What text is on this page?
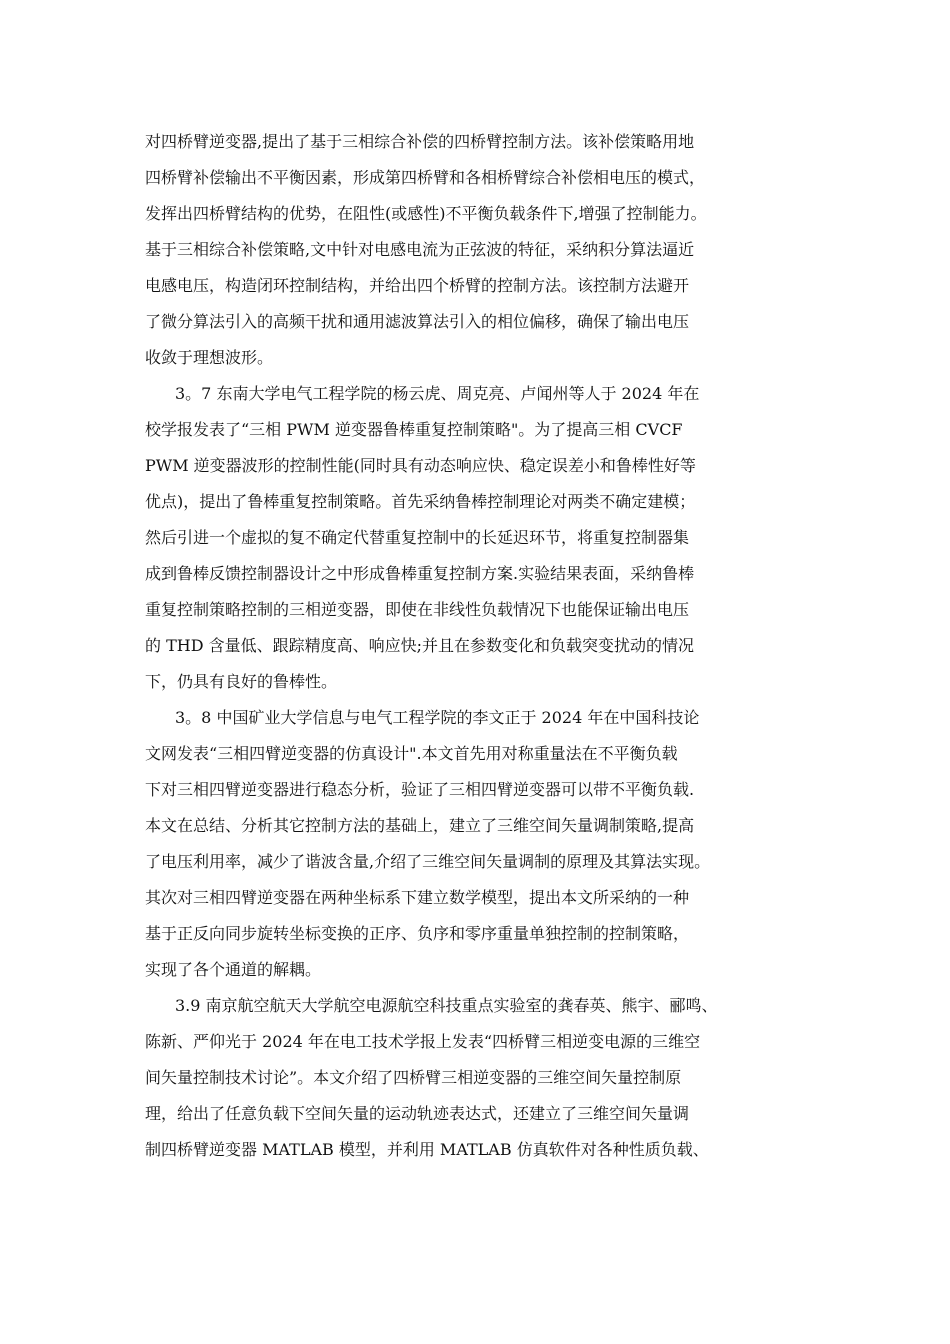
对四桥臂逆变器,提出了基于三相综合补偿的四桥臂控制方法。该补偿策略用地
四桥臂补偿输出不平衡因素，形成第四桥臂和各相桥臂综合补偿相电压的模式，
发挥出四桥臂结构的优势，在阻性(或感性)不平衡负载条件下,增强了控制能力。
基于三相综合补偿策略,文中针对电感电流为正弦波的特征，采纳积分算法逼近
电感电压，构造闭环控制结构，并给出四个桥臂的控制方法。该控制方法避开
了微分算法引入的高频干扰和通用滤波算法引入的相位偏移，确保了输出电压
收敛于理想波形。
3。7 东南大学电气工程学院的杨云虎、周克亮、卢闻州等人于 2024 年在
校学报发表了“三相 PWM 逆变器鲁棒重复控制策略"。为了提高三相 CVCF
PWM 逆变器波形的控制性能(同时具有动态响应快、稳定误差小和鲁棒性好等
优点)，提出了鲁棒重复控制策略。首先采纳鲁棒控制理论对两类不确定建模；
然后引进一个虚拟的复不确定代替重复控制中的长延迟环节，将重复控制器集
成到鲁棒反馈控制器设计之中形成鲁棒重复控制方案.实验结果表面，采纳鲁棒
重复控制策略控制的三相逆变器，即使在非线性负载情况下也能保证输出电压
的 THD 含量低、跟踪精度高、响应快;并且在参数变化和负载突变扰动的情况
下，仍具有良好的鲁棒性。
3。8 中国矿业大学信息与电气工程学院的李文正于 2024 年在中国科技论
文网发表“三相四臂逆变器的仿真设计".本文首先用对称重量法在不平衡负载
下对三相四臂逆变器进行稳态分析，验证了三相四臂逆变器可以带不平衡负载.
本文在总结、分析其它控制方法的基础上，建立了三维空间矢量调制策略,提高
了电压利用率，减少了谐波含量,介绍了三维空间矢量调制的原理及其算法实现。
其次对三相四臂逆变器在两种坐标系下建立数学模型，提出本文所采纳的一种
基于正反向同步旋转坐标变换的正序、负序和零序重量单独控制的控制策略，
实现了各个通道的解耦。
3.9 南京航空航天大学航空电源航空科技重点实验室的龚春英、熊宇、郦鸣、
陈新、严仰光于 2024 年在电工技术学报上发表“四桥臂三相逆变电源的三维空
间矢量控制技术讨论”。本文介绍了四桥臂三相逆变器的三维空间矢量控制原
理，给出了任意负载下空间矢量的运动轨迹表达式，还建立了三维空间矢量调
制四桥臂逆变器 MATLAB 模型，并利用 MATLAB 仿真软件对各种性质负载、
